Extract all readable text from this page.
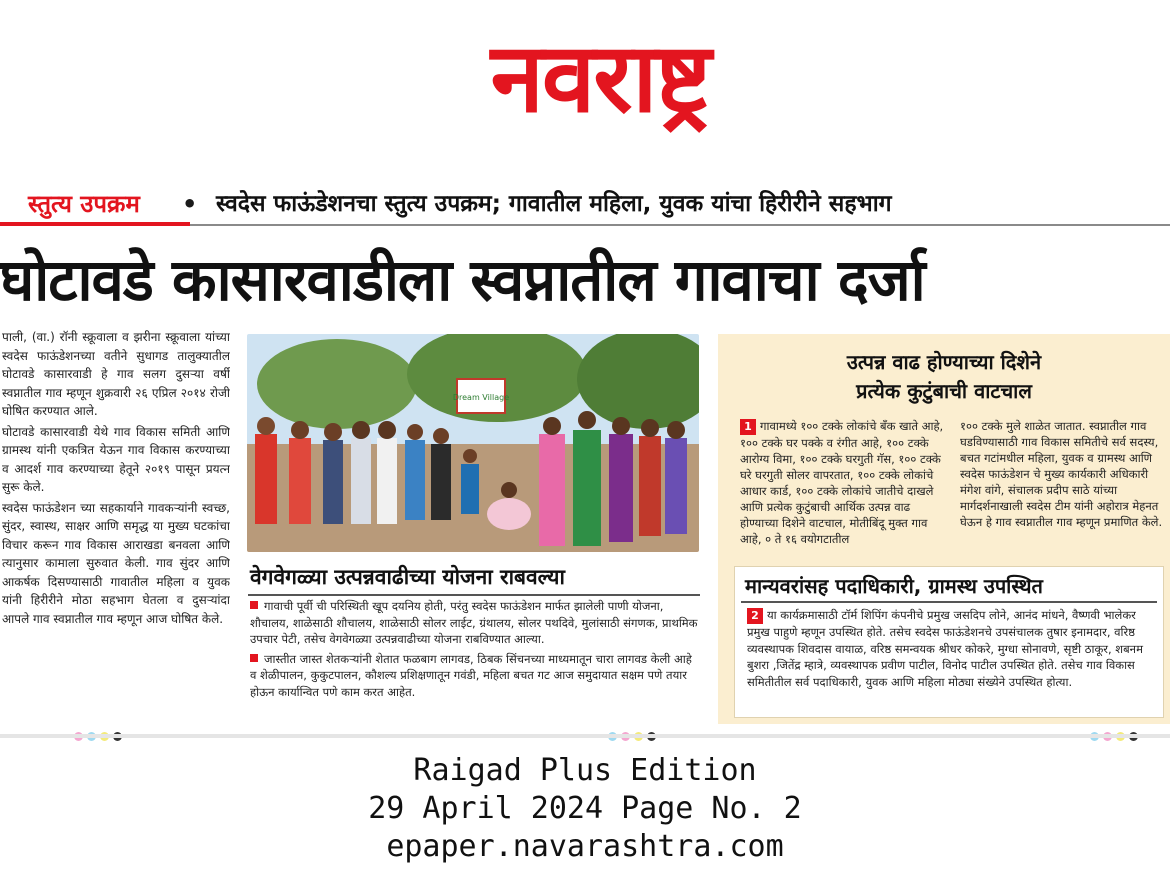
नवराष्ट्र
स्तुत्य उपक्रम • स्वदेस फाऊंडेशनचा स्तुत्य उपक्रम; गावातील महिला, युवक यांचा हिरीरीने सहभाग
घोटावडे कासारवाडीला स्वप्नातील गावाचा दर्जा

पाली, (वा.) रॉनी स्क्रूवाला व झरीना स्क्रूवाला यांच्या स्वदेस फाऊंडेशनच्या वतीने सुधागड तालुक्यातील घोटावडे कासारवाडी हे गाव सलग दुसऱ्या वर्षी स्वप्नातील गाव म्हणून शुक्रवारी २६ एप्रिल २०१४ रोजी घोषित करण्यात आले.

घोटावडे कासारवाडी येथे गाव विकास समिती आणि ग्रामस्थ यांनी एकत्रित येऊन गाव विकास करण्याच्या व आदर्श गाव करण्याच्या हेतूने २०१९ पासून प्रयत्न सुरू केले.

स्वदेस फाऊंडेशन च्या सहकार्याने गावकऱ्यांनी स्वच्छ, सुंदर, स्वास्थ, साक्षर आणि समृद्ध या मुख्य घटकांचा विचार करून गाव विकास आराखडा बनवला आणि त्यानुसार कामाला सुरुवात केली. गाव सुंदर आणि आकर्षक दिसण्यासाठी गावातील महिला व युवक यांनी हिरीरीने मोठा सहभाग घेतला व दुसऱ्यांदा आपले गाव स्वप्नातील गाव म्हणून आज घोषित केले.

Dream Village
वेगवेगळ्या उत्पन्नवाढीच्या योजना राबवल्या

गावाची पूर्वी ची परिस्थिती खूप दयनिय होती, परंतु स्वदेस फाऊंडेशन मार्फत झालेली पाणी योजना, शौचालय, शाळेसाठी शौचालय, शाळेसाठी सोलर लाईट, ग्रंथालय, सोलर पथदिवे, मुलांसाठी संगणक, प्राथमिक उपचार पेटी, तसेच वेगवेगळ्या उत्पन्नवाढीच्या योजना राबविण्यात आल्या.

जास्तीत जास्त शेतकऱ्यांनी शेतात फळबाग लागवड, ठिबक सिंचनच्या माध्यमातून चारा लागवड केली आहे व शेळीपालन, कुकुटपालन, कौशल्य प्रशिक्षणातून गवंडी, महिला बचत गट आज समुदायात सक्षम पणे तयार होऊन कार्यान्वित पणे काम करत आहेत.

उत्पन्न वाढ होण्याच्या दिशेने
प्रत्येक कुटुंबाची वाटचाल
1 गावामध्ये १०० टक्के लोकांचे बँक खाते आहे, १०० टक्के घर पक्के व रंगीत आहे, १०० टक्के आरोग्य विमा, १०० टक्के घरगुती गॅस, १०० टक्के घरे घरगुती सोलर वापरतात, १०० टक्के लोकांचे आधार कार्ड, १०० टक्के लोकांचे जातीचे दाखले आणि प्रत्येक कुटुंबाची आर्थिक उत्पन्न वाढ होण्याच्या दिशेने वाटचाल, मोतीबिंदू मुक्त गाव आहे, ० ते १६ वयोगटातील
१०० टक्के मुले शाळेत जातात. स्वप्नातील गाव घडविण्यासाठी गाव विकास समितीचे सर्व सदस्य, बचत गटांमधील महिला, युवक व ग्रामस्थ आणि स्वदेस फाऊंडेशन चे मुख्य कार्यकारी अधिकारी मंगेश वांगे, संचालक प्रदीप साठे यांच्या मार्गदर्शनाखाली स्वदेस टीम यांनी अहोरात्र मेहनत घेऊन हे गाव स्वप्नातील गाव म्हणून प्रमाणित केले.
मान्यवरांसह पदाधिकारी, ग्रामस्थ उपस्थित
2 या कार्यक्रमासाठी टॉर्म शिपिंग कंपनीचे प्रमुख जसदिप लोने, आनंद मांधने, वैष्णवी भालेकर प्रमुख पाहुणे म्हणून उपस्थित होते. तसेच स्वदेस फाऊंडेशनचे उपसंचालक तुषार इनामदार, वरिष्ठ व्यवस्थापक शिवदास वायाळ, वरिष्ठ समन्वयक श्रीधर कोकरे, मुग्धा सोनावणे, सृष्टी ठाकूर, शबनम बुशरा ,जितेंद्र म्हात्रे, व्यवस्थापक प्रवीण पाटील, विनोद पाटील उपस्थित होते. तसेच गाव विकास समितीतील सर्व पदाधिकारी, युवक आणि महिला मोठ्या संख्येने उपस्थित होत्या.
Raigad Plus Edition
29 April 2024 Page No. 2
epaper.navarashtra.com
